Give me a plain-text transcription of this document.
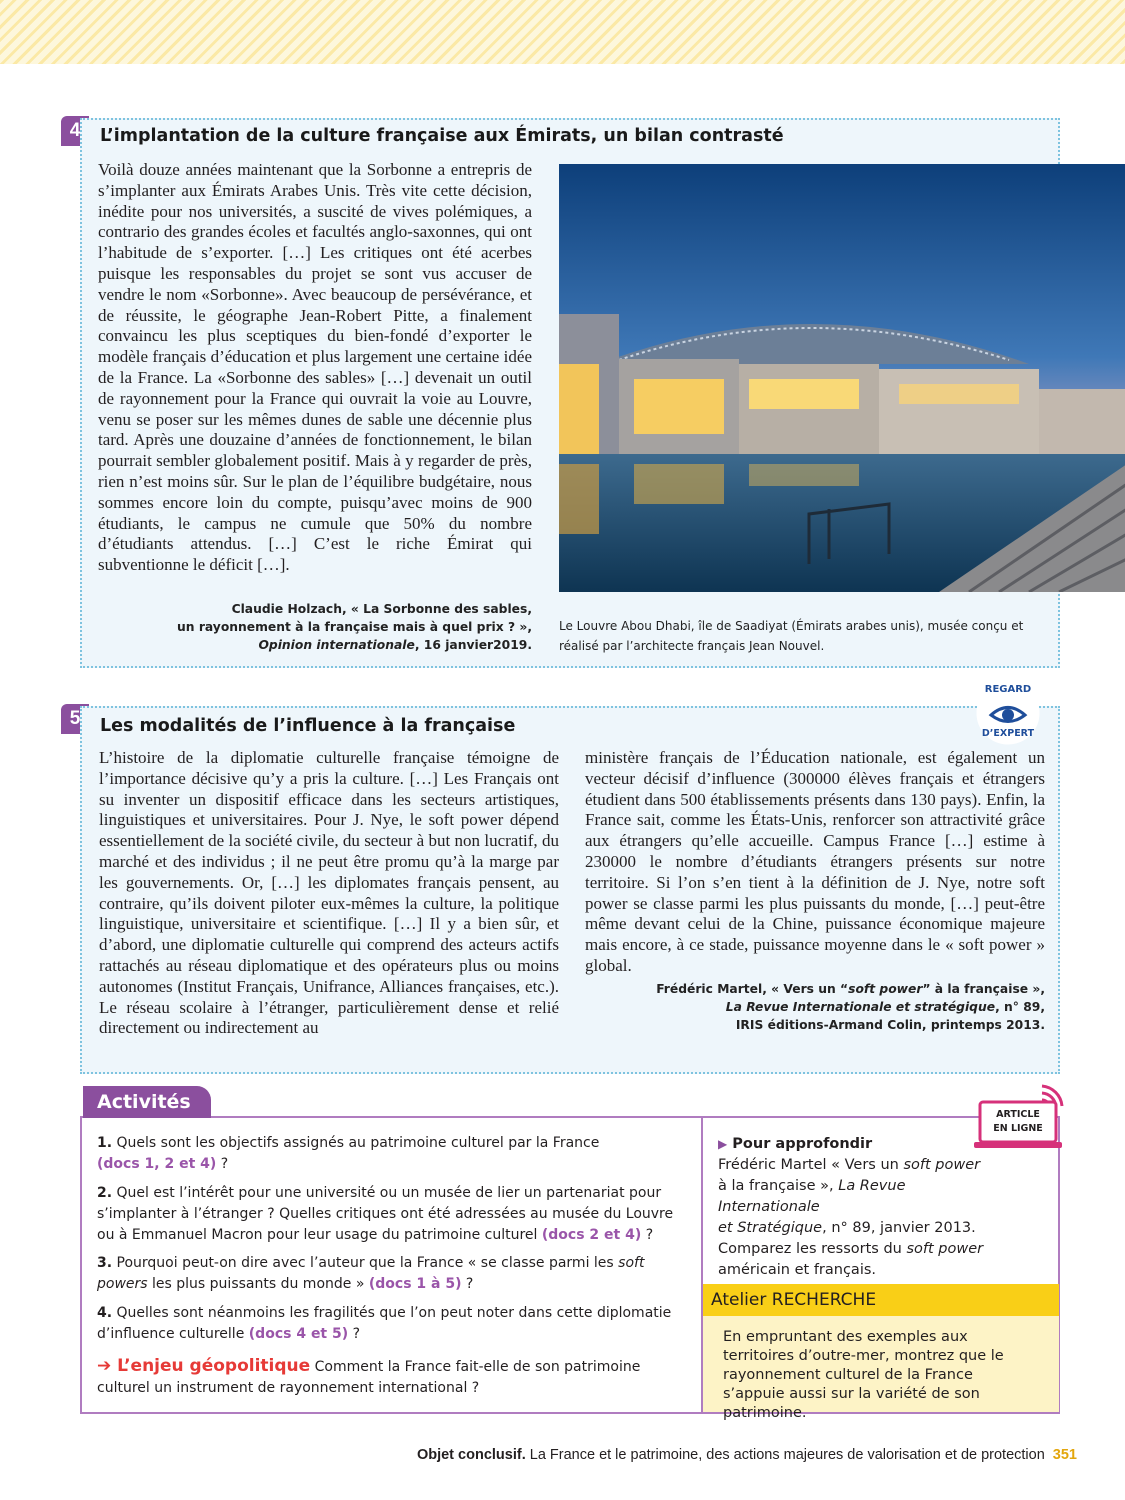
4	L’implantation de la culture française aux Émirats, un bilan contrasté

Voilà douze années maintenant que la Sorbonne a entrepris de s’implanter aux Émirats Arabes Unis. Très vite cette décision, inédite pour nos universités, a suscité de vives polémiques, a contrario des grandes écoles et facultés anglo-saxonnes, qui ont l’habitude de s’exporter. […] Les critiques ont été acerbes puisque les responsables du projet se sont vus accuser de vendre le nom «Sorbonne». Avec beaucoup de persévérance, et de réussite, le géographe Jean-Robert Pitte, a finalement convaincu les plus sceptiques du bien-fondé d’exporter le modèle français d’éducation et plus largement une certaine idée de la France. La «Sorbonne des sables» […] devenait un outil de rayonnement pour la France qui ouvrait la voie au Louvre, venu se poser sur les mêmes dunes de sable une décennie plus tard. Après une douzaine d’années de fonctionnement, le bilan pourrait sembler globalement positif. Mais à y regarder de près, rien n’est moins sûr. Sur le plan de l’équilibre budgétaire, nous sommes encore loin du compte, puisqu’avec moins de 900 étudiants, le campus ne cumule que 50% du nombre d’étudiants attendus. […] C’est le riche Émirat qui subventionne le déficit […].

Claudie Holzach, « La Sorbonne des sables,
un rayonnement à la française mais à quel prix ? »,
Opinion internationale, 16 janvier2019.
Le Louvre Abou Dhabi, île de Saadiyat (Émirats arabes unis), musée conçu et réalisé par l’architecte français Jean Nouvel.
5	Les modalités de l’influence à la française

L’histoire de la diplomatie culturelle française témoigne de l’importance décisive qu’y a pris la culture. […] Les Français ont su inventer un dispositif efficace dans les secteurs artistiques, linguistiques et universitaires. Pour J. Nye, le soft power dépend essentiellement de la société civile, du secteur à but non lucratif, du marché et des individus ; il ne peut être promu qu’à la marge par les gouvernements. Or, […] les diplomates français pensent, au contraire, qu’ils doivent piloter eux-mêmes la culture, la politique linguistique, universitaire et scientifique. […] Il y a bien sûr, et d’abord, une diplomatie culturelle qui comprend des acteurs actifs rattachés au réseau diplomatique et des opérateurs plus ou moins autonomes (Institut Français, Unifrance, Alliances françaises, etc.). Le réseau scolaire à l’étranger, particulièrement dense et relié directement ou indirectement au

ministère français de l’Éducation nationale, est également un vecteur décisif d’influence (300000 élèves français et étrangers étudient dans 500 établissements présents dans 130 pays). Enfin, la France sait, comme les États-Unis, renforcer son attractivité grâce aux étrangers qu’elle accueille. Campus France […] estime à 230000 le nombre d’étudiants étrangers présents sur notre territoire. Si l’on s’en tient à la définition de J. Nye, notre soft power se classe parmi les plus puissants du monde, […] peut-être même devant celui de la Chine, puissance économique majeure mais encore, à ce stade, puissance moyenne dans le « soft power » global.

Frédéric Martel, « Vers un “soft power” à la française »,
La Revue Internationale et stratégique, n° 89,
IRIS éditions-Armand Colin, printemps 2013.
REGARD
D’EXPERT
Activités
1. Quels sont les objectifs assignés au patrimoine culturel par la France
(docs 1, 2 et 4) ?
2. Quel est l’intérêt pour une université ou un musée de lier un partenariat pour s’implanter à l’étranger ? Quelles critiques ont été adressées au musée du Louvre ou à Emmanuel Macron pour leur usage du patrimoine culturel (docs 2 et 4) ?
3. Pourquoi peut-on dire avec l’auteur que la France « se classe parmi les soft powers les plus puissants du monde » (docs 1 à 5) ?
4. Quelles sont néanmoins les fragilités que l’on peut noter dans cette diplomatie d’influence culturelle (docs 4 et 5) ?
➔ L’enjeu géopolitique Comment la France fait-elle de son patrimoine culturel un instrument de rayonnement international ?
▶ Pour approfondir
Frédéric Martel « Vers un soft power
à la française », La Revue Internationale
et Stratégique, n° 89, janvier 2013.
Comparez les ressorts du soft power
américain et français.
ARTICLE
EN LIGNE
Atelier RECHERCHE
En empruntant des exemples aux territoires d’outre-mer, montrez que le rayonnement culturel de la France s’appuie aussi sur la variété de son patrimoine.
Objet conclusif. La France et le patrimoine, des actions majeures de valorisation et de protection 351
